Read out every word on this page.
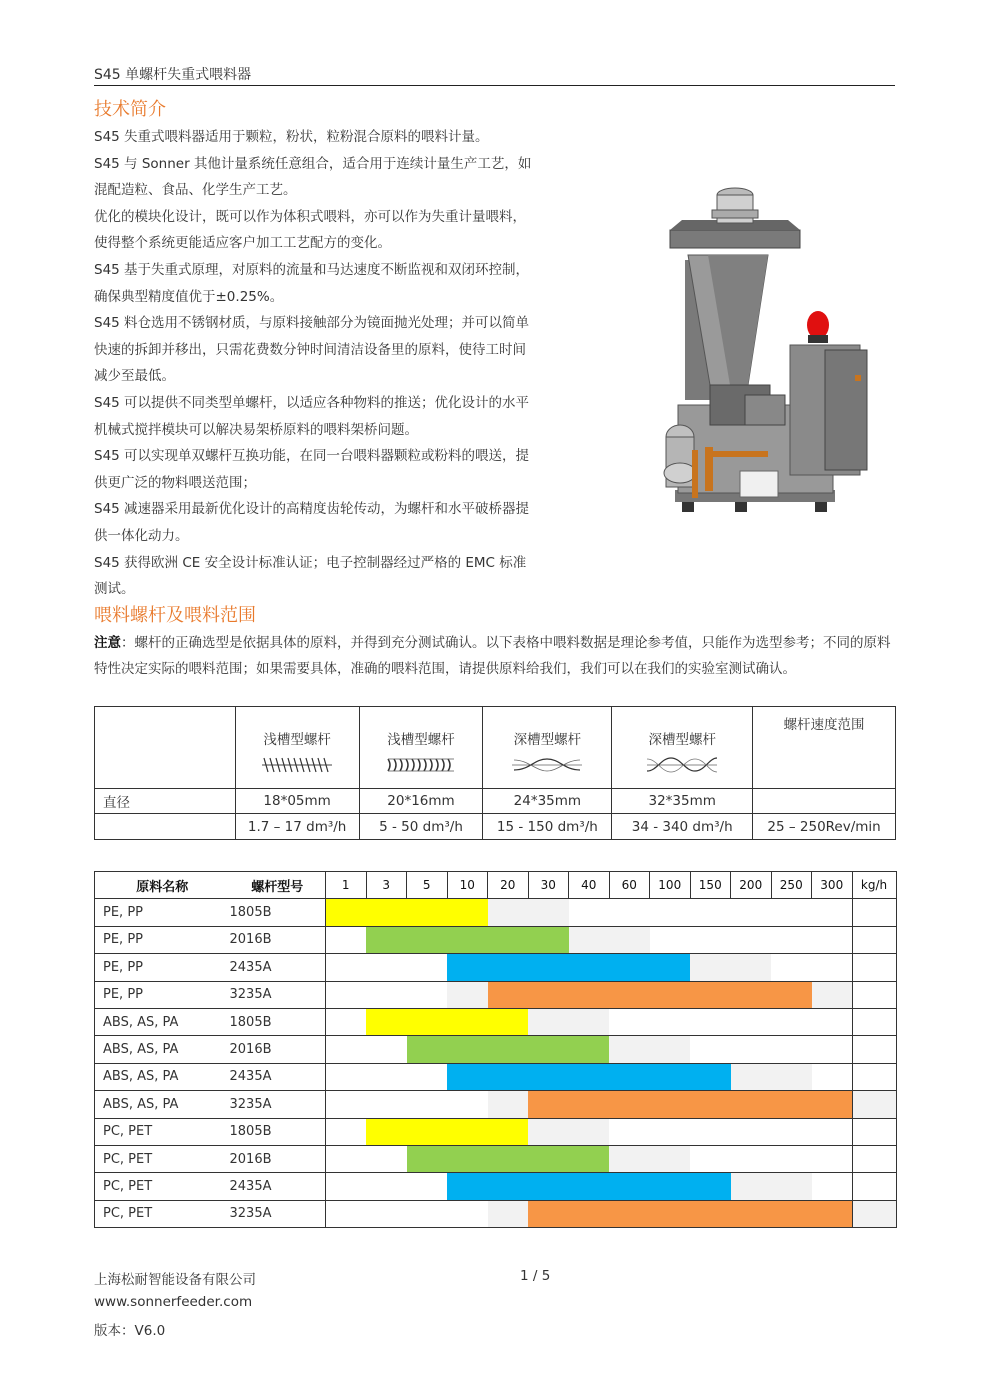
S45 单螺杆失重式喂料器
技术简介

S45 失重式喂料器适用于颗粒，粉状，粒粉混合原料的喂料计量。

S45 与 Sonner 其他计量系统任意组合，适合用于连续计量生产工艺，如混配造粒、食品、化学生产工艺。

优化的模块化设计，既可以作为体积式喂料，亦可以作为失重计量喂料，使得整个系统更能适应客户加工工艺配方的变化。

S45 基于失重式原理，对原料的流量和马达速度不断监视和双闭环控制，确保典型精度值优于±0.25%。

S45 料仓选用不锈钢材质，与原料接触部分为镜面抛光处理；并可以简单快速的拆卸并移出，只需花费数分钟时间清洁设备里的原料，使待工时间减少至最低。

S45 可以提供不同类型单螺杆，以适应各种物料的推送；优化设计的水平机械式搅拌模块可以解决易架桥原料的喂料架桥问题。

S45 可以实现单双螺杆互换功能，在同一台喂料器颗粒或粉料的喂送，提供更广泛的物料喂送范围；

S45 减速器采用最新优化设计的高精度齿轮传动，为螺杆和水平破桥器提供一体化动力。

S45 获得欧洲 CE 安全设计标准认证；电子控制器经过严格的 EMC 标准测试。

喂料螺杆及喂料范围
注意：螺杆的正确选型是依据具体的原料，并得到充分测试确认。以下表格中喂料数据是理论参考值，只能作为选型参考；不同的原料特性决定实际的喂料范围；如果需要具体，准确的喂料范围，请提供原料给我们，我们可以在我们的实验室测试确认。

	浅槽型螺杆	浅槽型螺杆	深槽型螺杆	深槽型螺杆	螺杆速度范围

直径	18*05mm	20*16mm	24*35mm	32*35mm	
	1.7 – 17 dm³/h	5 - 50 dm³/h	15 - 150 dm³/h	34 - 340 dm³/h	25 – 250Rev/min
原料名称	螺杆型号	1	3	5	10	20	30	40	60	100	150	200	250	300	kg/h
PE, PP	1805B														
PE, PP	2016B														
PE, PP	2435A														
PE, PP	3235A														
ABS, AS, PA	1805B														
ABS, AS, PA	2016B														
ABS, AS, PA	2435A														
ABS, AS, PA	3235A														
PC, PET	1805B														
PC, PET	2016B														
PC, PET	2435A														
PC, PET	3235A														
上海松耐智能设备有限公司	1 / 5
www.sonnerfeeder.com
版本：V6.0
